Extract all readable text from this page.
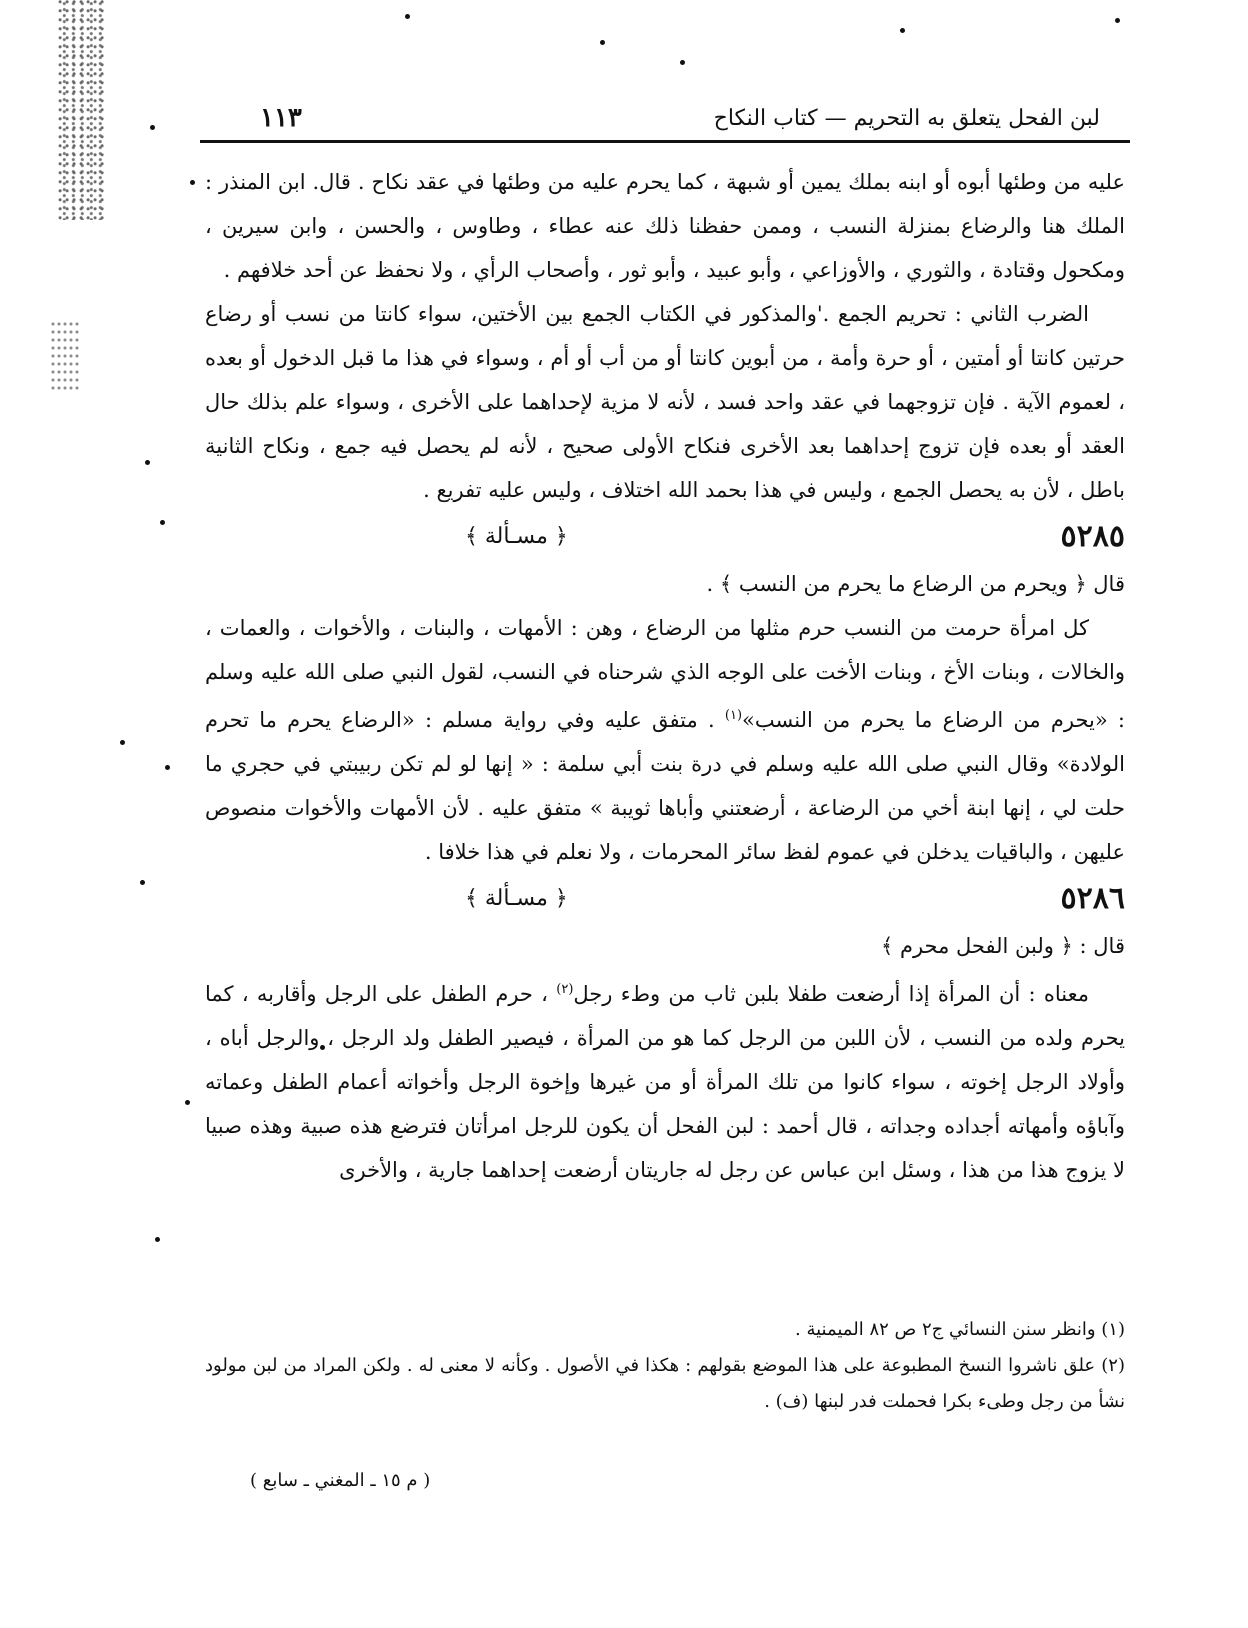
١١٣	لبن الفحل يتعلق به التحريم — كتاب النكاح

عليه من وطئها أبوه أو ابنه بملك يمين أو شبهة ، كما يحرم عليه من وطئها في عقد نكاح . قال. ابن المنذر : الملك هنا والرضاع بمنزلة النسب ، وممن حفظنا ذلك عنه عطاء ، وطاوس ، والحسن ، وابن سيرين ، ومكحول وقتادة ، والثوري ، والأوزاعي ، وأبو عبيد ، وأبو ثور ، وأصحاب الرأي ، ولا نحفظ عن أحد خلافهم .

الضرب الثاني : تحريم الجمع .'والمذكور في الكتاب الجمع بين الأختين، سواء كانتا من نسب أو رضاع حرتين كانتا أو أمتين ، أو حرة وأمة ، من أبوين كانتا أو من أب أو أم ، وسواء في هذا ما قبل الدخول أو بعده ، لعموم الآية . فإن تزوجهما في عقد واحد فسد ، لأنه لا مزية لإحداهما على الأخرى ، وسواء علم بذلك حال العقد أو بعده فإن تزوج إحداهما بعد الأخرى فنكاح الأولى صحيح ، لأنه لم يحصل فيه جمع ، ونكاح الثانية باطل ، لأن به يحصل الجمع ، وليس في هذا بحمد الله اختلاف ، وليس عليه تفريع .

٥٢٨٥
﴿ مسـألة ﴾

قال ﴿ ويحرم من الرضاع ما يحرم من النسب ﴾ .

كل امرأة حرمت من النسب حرم مثلها من الرضاع ، وهن : الأمهات ، والبنات ، والأخوات ، والعمات ، والخالات ، وبنات الأخ ، وبنات الأخت على الوجه الذي شرحناه في النسب، لقول النبي صلى الله عليه وسلم : «يحرم من الرضاع ما يحرم من النسب»$^{(١)}$ . متفق عليه وفي رواية مسلم : «الرضاع يحرم ما تحرم الولادة» وقال النبي صلى الله عليه وسلم في درة بنت أبي سلمة : « إنها لو لم تكن ربيبتي في حجري ما حلت لي ، إنها ابنة أخي من الرضاعة ، أرضعتني وأباها ثويبة » متفق عليه . لأن الأمهات والأخوات منصوص عليهن ، والباقيات يدخلن في عموم لفظ سائر المحرمات ، ولا نعلم في هذا خلافا .

٥٢٨٦
﴿ مسـألة ﴾

قال : ﴿ ولبن الفحل محرم ﴾

معناه : أن المرأة إذا أرضعت طفلا بلبن ثاب من وطء رجل$^{(٢)}$ ، حرم الطفل على الرجل وأقاربه ، كما يحرم ولده من النسب ، لأن اللبن من الرجل كما هو من المرأة ، فيصير الطفل ولد الرجل ، والرجل أباه ، وأولاد الرجل إخوته ، سواء كانوا من تلك المرأة أو من غيرها وإخوة الرجل وأخواته أعمام الطفل وعماته وآباؤه وأمهاته أجداده وجداته ، قال أحمد : لبن الفحل أن يكون للرجل امرأتان فترضع هذه صبية وهذه صبيا لا يزوج هذا من هذا ، وسئل ابن عباس عن رجل له جاريتان أرضعت إحداهما جارية ، والأخرى

(١) وانظر سنن النسائي ج٢ ص ٨٢ الميمنية .

(٢) علق ناشروا النسخ المطبوعة على هذا الموضع بقولهم : هكذا في الأصول . وكأنه لا معنى له . ولكن المراد من لبن مولود نشأ من رجل وطىء بكرا فحملت فدر لبنها (ف) .

( م ١٥ ـ المغني ـ سابع )
